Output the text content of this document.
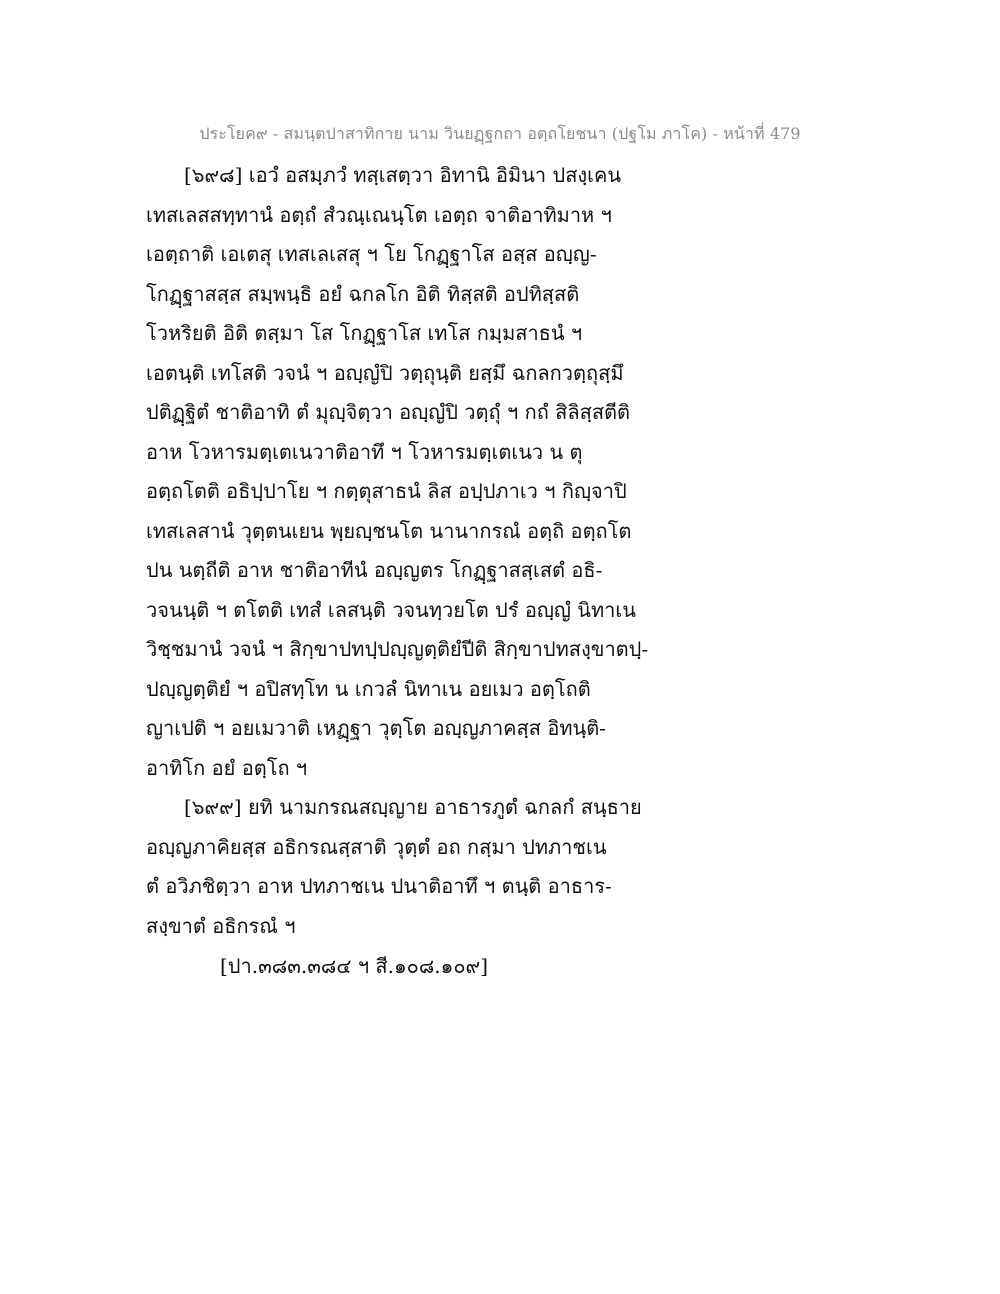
ประโยค๙ - สมนฺตปาสาทิกาย นาม วินยฏฺฐกถา อตฺถโยชนา (ปฐโม ภาโค) - หน้าที่ 479
[๖๙๘] เอวํ อสมฺภวํ ทสฺเสตฺวา อิทานิ อิมินา ปสงฺเคน
เทสเลสสทฺทานํ อตฺถํ สํวณฺเณนฺโต เอตฺถ จาติอาทิมาห ฯ
เอตฺถาติ เอเตสุ เทสเลเสสุ ฯ โย โกฏฺฐาโส อสฺส อญฺญ-
โกฏฺฐาสสฺส สมฺพนฺธิ อยํ ฉกลโก อิติ ทิสฺสติ อปทิสฺสติ
โวหริยติ อิติ ตสฺมา โส โกฏฺฐาโส เทโส กมฺมสาธนํ ฯ
เอตนฺติ เทโสติ วจนํ ฯ อญฺญํปิ วตฺถุนฺติ ยสฺมึ ฉกลกวตฺถุสฺมึ
ปติฏฺฐิตํ ชาติอาทิ ตํ มุญฺจิตฺวา อญฺญํปิ วตฺถุํ ฯ กถํ สิลิสฺสตีติ
อาห โวหารมตฺเตเนวาติอาทึ ฯ โวหารมตฺเตเนว น ตุ
อตฺถโตติ อธิปฺปาโย ฯ กตฺตุสาธนํ ลิส อปฺปภาเว ฯ กิญฺจาปิ
เทสเลสานํ วุตฺตนเยน พฺยญฺชนโต นานากรณํ อตฺถิ อตฺถโต
ปน นตฺถีติ อาห ชาติอาทีนํ อญฺญตร โกฏฺฐาสสฺเสตํ อธิ-
วจนนฺติ ฯ ตโตติ เทสํ เลสนฺติ วจนทฺวยโต ปรํ อญฺญํ นิทาเน
วิชฺชมานํ วจนํ ฯ สิกฺขาปทปฺปญฺญตฺติยํปีติ สิกฺขาปทสงฺขาตปฺ-
ปญฺญตฺติยํ ฯ อปิสทฺโท น เกวลํ นิทาเน อยเมว อตฺโถติ
ญาเปติ ฯ อยเมวาติ เหฏฺฐา วุตฺโต อญฺญภาคสฺส อิทนฺติ-
อาทิโก อยํ อตฺโถ ฯ
[๖๙๙] ยทิ นามกรณสญฺญาย อาธารภูตํ ฉกลกํ สนฺธาย
อญฺญภาคิยสฺส อธิกรณสฺสาติ วุตฺตํ อถ กสฺมา ปทภาชเน
ตํ อวิภชิตฺวา อาห ปทภาชเน ปนาติอาทึ ฯ ตนฺติ อาธาร-
สงฺขาตํ อธิกรณํ ฯ
[ปา.๓๘๓.๓๘๔ ฯ สี.๑๐๘.๑๐๙]
